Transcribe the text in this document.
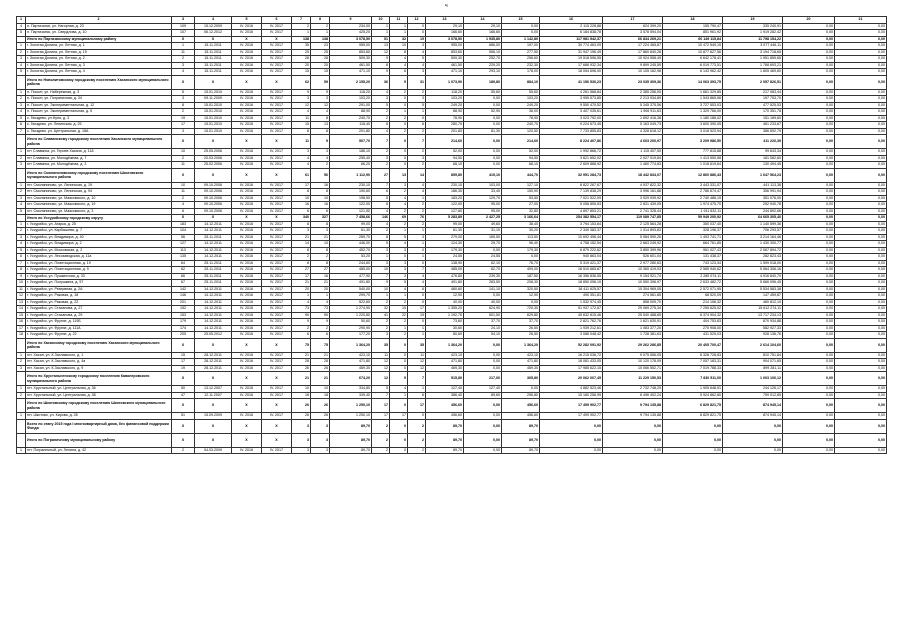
ч
1	2	3	4	5	6	7	8	9	10	11	12	13	14	15	16	17	18	19	20	21
4	п. Партизанск, ул. Нагорная, д. 23	109	15.12.2009	IV. 2016	IV. 2017	2	2	234,00	1	1	0	29,10	29,10	0,00	2 115 228,88	624 399,20	155 790,47	335 240,91	0,00	0,00
5	п. Партизанск, ул. Свердлова, д. 10	107	06.12.2012	IV. 2016	IV. 2017	1	1	425,20	1	1	0	166,60	166,60	0,00	6 184 838,78	3 578 594,04	851 961,92	1 919 282,42	0,00	0,00
	Итого по Партизанскому муниципальному району	X	X	X	X	138	138	3 078,50	51	32	19	3 078,50	1 935,80	1 142,80	117 981 542,37	66 834 269,21	60 149 115,84	11 798 154,22	0,00	0,00
1	г. Золотая Долина, ул. Летняя, д. 1	1	15.11.2011	IV. 2016	IV. 2017	35	23	955,00	13	10	3	955,00	686,00	197,00	30 774 463,09	17 224 465,87	10 472 549,15	3 077 446,11	0,00	0,00
2	г. Золотая Долина, ул. Летняя, д. 19	11	15.11.2011	IV. 2016	IV. 2017	25	25	853,60	12	8	4	853,60	556,10	277,50	31 947 196,49	17 860 840,28	10 877 627,56	3 194 718,65	0,00	0,00
3	г. Золотая Долина, ул. Летняя, д. 2	2	15.11.2011	IV. 2016	IV. 2017	28	28	509,30	9	4	5	509,30	252,70	256,60	19 518 596,55	10 924 558,49	6 642 178,41	1 951 859,65	0,00	0,00
4	г. Золотая Долина, ул. Летняя, д. 3	3	15.11.2011	IV. 2016	IV. 2017	20	20	461,50	8	4	4	461,50	229,20	232,30	17 686 932,34	9 899 245,59	6 019 773,51	1 768 693,21	0,00	0,00
5	г. Золотая Долина, ул. Летняя, д. 4	4	15.11.2011	IV. 2016	IV. 2017	15	15	471,10	9	6	3	471,10	293,10	178,00	18 054 696,00	10 105 162,98	6 143 962,42	1 805 469,60	0,00	0,00
	Итого по Новолитовскому городскому поселению Хасанского муниципального района	X	X	X	X	62	59	2 155,20	36	5	31	1 073,90	189,80	884,10	41 156 530,23	23 035 309,36	14 063 393,75	2 057 826,51	0,00	0,00
1	п. Посьет, ул. Набережная, д. 3	5	15.01.2010	IV. 2016	IV. 2017	9	9	118,20	4	2	2	118,20	55,60	55,60	4 261 568,84	2 385 256,05	1 661 329,85	217 083,44	0,00	0,00
2	п. Посьет, ул. Пограничная, д. 34	3	09.11.2009	IV. 2016	IV. 2017	3	3	103,20	3	0	3	103,20	0,00	103,20	3 955 573,85	2 213 934,89	1 543 865,56	197 753,70	0,00	0,00
3	п. Посьет, ул. Экспериментальная, д. 12	8	15.01.2010	IV. 2016	IV. 2017	12	12	291,00	5	0	5	249,20	0,00	249,20	9 550 470,52	5 345 375,56	3 727 553,03	477 525,53	0,00	0,00
4	п. Посьет, ул. Экспериментальная, д. 5	2	15.01.2010	IV. 2016	IV. 2017	4	4	88,90	2	1	1	88,90	52,90	36,00	3 407 035,61	1 906 911,63	1 329 766,00	170 351,78	0,00	0,00
5	с. Гвоздево, ул.Нуня, д. 3	19	15.01.2010	IV. 2016	IV. 2017	11	8	240,70	2	2	0	78,90	0,00	78,90	3 023 792,00	1 692 416,38	1 180 186,02	151 189,60	0,00	0,00
6	с. Гвоздево, ул. Ленинская, д. 25	17	15.01.2010	IV. 2016	IV. 2017	15	13	118,40	6	0	6	280,70	0,00	240,70	9 224 673,45	5 163 049,73	3 600 390,05	461 233,67	0,00	0,00
7	с. Гвоздево, ул. Центральная, д. 18А	3	15.01.2010	IV. 2016	IV. 2017	8	8	201,80	4	2	2	201,80	81,30	120,50	7 733 855,83	4 328 618,12	3 018 523,94	386 692,79	0,00	0,00
	Итого по Славянскому городскому поселению Хасанского муниципального района	X	X	X	X	11	9	507,70	7	0	7	214,60	0,00	214,60	8 224 407,86	4 603 200,97	3 209 986,50	411 220,39	0,00	0,00
1	пгт Славянка, ул. Героев Хасана, д. 118	10	25.05.2006	IV. 2016	IV. 2017	3	3	186,10	2	0	2	52,00	0,00	52,00	1 992 866,72	1 115 407,50	777 815,88	99 643,34	0,00	0,00
2	пгт Славянка, ул. Молодёжная, д. 7	2	20.03.2006	IV. 2016	IV. 2017	4	4	255,40	3	0	3	94,50	0,00	94,50	3 621 652,02	2 027 019,84	1 413 550,58	181 082,60	0,00	0,00
3	пгт Славянка, ул. Молодёжная, д. 3	11	25.02.2006	IV. 2016	IV. 2017	4	2	66,20	2	0	2	68,10	0,00	68,10	2 609 888,92	1 460 774,83	1 018 619,64	130 494,45	0,00	0,00
	Итого по Смоляниновскому городскому поселению Шкотовского муниципального района	X	X	X	X	61	56	1 112,90	27	13	14	859,80	415,10	444,70	32 951 284,73	18 442 834,07	12 860 886,43	1 647 564,23	0,00	0,00
1	пгт. Смоляниново, ул. Ленинская, д. 19	10	09.10.2006	IV. 2016	IV. 2017	17	16	230,10	7	3	4	230,10	103,00	127,10	8 822 267,67	4 937 822,32	3 443 331,07	441 113,38	0,00	0,00
2	пгт. Смоляниново, ул. Ленинская, д. 94	11	09.10.2006	IV. 2016	IV. 2017	8	8	190,60	6	2	4	186,30	33,40	150,90	7 139 838,29	3 996 161,88	2 786 674,47	356 991,94	0,00	0,00
3	пгт. Смоляниново, ул. Маяковского, д. 10	2	09.10.2006	IV. 2016	IV. 2017	10	10	198,50	5	4	1	183,20	129,70	53,50	7 021 522,09	3 929 939,92	2 740 486,19	351 076,00	0,00	0,00
4	пгт. Смоляниново, ул. Маяковского, д. 19	4	09.10.2006	IV. 2016	IV. 2017	16	16	122,00	6	4	2	122,00	95,00	27,00	5 058 855,53	2 831 439,05	1 974 475,70	252 940,78	0,00	0,00
5	пгт. Смоляниново, ул. Маяковского, д. 3	6	09.10.2006	IV. 2016	IV. 2017	6	6	121,50	4	2	2	127,80	95,00	32,80	4 897 853,21	2 741 328,44	1 911 632,11	244 892,66	0,00	0,00
	Итого по Уссурийскому городскому округу	X	X	X	X	340	327	7 458,66	146	69	76	5 283,89	2 427,25	3 166,64	254 382 554,17	119 089 747,85	59 949 200,92	64 665 305,40	0,00	0,00
1	г. Уссурийск, ул. Агарка, д. 25	183	14.12.2011	IV. 2016	IV. 2017	8	8	99,00	4	2	2	99,00	49,60	38,40	3 794 153,64	2 125 564,28	350 037,40	1 140 599,36	0,00	0,00
2	г. Уссурийск, ул. Карбышева, д. 7	104	14.12.2011	IV. 2016	IV. 2017	3	3	61,30	2	1	1	61,30	31,10	30,20	2 349 383,37	1 314 893,83	328 196,37	706 293,57	0,00	0,00
3	г. Уссурийск, ул. Владимира, д. 40	56	25.11.2011	IV. 2016	IV. 2017	21	21	289,70	8	5	3	279,00	165,50	113,50	10 692 496,44	5 984 590,26	1 493 741,71	3 214 164,46	0,00	0,00
4	г. Уссурийск, ул. Владимира, д. 2	127	14.12.2011	IV. 2016	IV. 2017	14	10	446,00	5	4	1	124,30	29,70	96,40	4 758 152,54	2 663 249,92	664 761,85	1 430 300,77	0,00	0,00
5	г. Уссурийск, ул. Московская, д. 2	113	14.12.2011	IV. 2016	IV. 2017	8	8	452,70	3	3	0	179,30	0,00	179,30	6 879 222,62	3 850 399,96	961 027,43	2 067 894,72	0,00	0,00
6	г. Уссурийск, ул. Лесозаводская, д. 11а	135	14.12.2011	IV. 2016	IV. 2017	2	2	53,20	1	0	1	24,55	24,55	0,00	940 863,04	526 601,04	131 438,37	282 823,43	0,00	0,00
7	г. Уссурийск, ул. Плантационная, д. 19	64	25.11.2011	IV. 2016	IV. 2017	8	8	244,60	3	3	0	138,90	62,10	76,70	5 319 421,37	2 977 280,63	743 123,34	1 599 018,00	0,00	0,00
8	г. Уссурийск, ул. Плантационная, д. 9	62	25.11.2011	IV. 2016	IV. 2017	27	27	485,00	10	3	7	485,00	62,70	409,00	18 510 665,87	10 360 419,03	2 585 940,62	5 564 306,16	0,00	0,00
9	г. Уссурийск, ул. Пушкинская, д. 33	66	25.11.2011	IV. 2016	IV. 2017	17	16	477,90	7	3	4	476,80	239,30	187,50	16 356 836,55	9 154 921,74	2 285 074,11	4 916 840,70	0,00	0,00
10	г. Уссурийск, ул. Полушкина, д. 57	67	25.11.2011	IV. 2016	IV. 2017	21	21	491,80	9	5	4	491,80	283,50	208,30	18 850 096,19	10 550 396,97	2 633 482,72	5 666 096,45	0,00	0,00
11	г. Уссурийск, ул. Резервная, д. 2А	142	14.12.2011	IV. 2016	IV. 2017	20	20	540,00	10	4	6	460,60	141,10	320,50	18 411 625,57	10 304 969,05	2 572 071,95	5 534 583,38	0,00	0,00
12	г. Уссурийск, ул. Раковая, д. 18	146	14.12.2011	IV. 2016	IV. 2017	1	1	299,70	1	1	0	12,90	0,00	12,90	490 351,81	274 561,85	68 520,09	147 459,87	0,00	0,00
13	г. Уссурийск, ул. Раковая, д. 22	201	14.12.2011	IV. 2016	IV. 2017	4	4	522,60	2	2	0	40,00	40,00	0,00	1 532 974,45	858 009,70	214 156,32	460 812,10	0,00	0,00
14	г. Уссурийск, ул. Стаханова, д. 27	152	14.12.2011	IV. 2016	IV. 2017	73	73	1 274,90	32	15	17	1 355,20	624,90	720,30	51 937 172,67	29 069 275,34	7 255 625,02	15 612 274,11	0,00	0,00
15	г. Уссурийск, ул. Стаханова, д. 29	153	14.12.2011	IV. 2016	IV. 2017	90	90	1 220,80	41	22	19	1 192,70	501,50	629,80	45 632 815,46	25 540 488,65	6 374 904,32	13 717 234,13	0,00	0,00
16	г. Уссурийск, ул. Фрунзе, д. 119Б	179	14.12.2011	IV. 2016	IV. 2017	9	9	50,60	2	2	0	73,60	37,70	37,70	2 821 762,76	1 621 630,91	404 753,83	870 934,88	0,00	0,00
17	г. Уссурийск, ул. Фрунзе, д. 111А	174	14.12.2011	IV. 2016	IV. 2017	2	2	290,90	2	1	1	30,60	24,10	26,50	1 939 212,61	1 083 377,20	270 908,00	582 927,33	0,00	0,00
18	г. Уссурийск, ул. Фрунзе, д. 22	205	25.05.2012	IV. 2016	IV. 2017	6	6	177,20	3	2	1	80,60	54,10	26,50	3 088 048,42	1 728 381,63	431 525,03	928 136,76	0,00	0,00
	Итого по Хасанскому городскому поселению Хасанского муниципального района	X	X	X	X	75	75	1 364,20	35	0	35	1 364,20	0,00	1 364,20	52 282 091,92	29 262 286,85	20 405 700,47	2 614 104,60	0,00	0,00
1	пгт. Хасан, ул. К.Заславского, д. 1	15	28.12.2011	IV. 2016	IV. 2017	21	21	423,10	11	0	11	423,10	0,00	423,10	16 215 036,72	9 075 556,05	6 328 728,83	810 751,84	0,00	0,00
2	пгт. Хасан, ул. К.Заславского, д. 4а	17	28.12.2011	IV. 2016	IV. 2017	28	28	471,80	12	0	12	471,80	0,00	471,80	18 081 433,05	10 120 178,09	7 057 183,31	904 071,65	0,00	0,00
3	пгт. Хасан, ул. К.Заславского, д. 9	19	28.12.2011	IV. 2016	IV. 2017	26	26	469,30	12	0	12	469,30	0,00	469,30	17 985 622,15	10 066 552,71	7 019 788,33	899 281,11	0,00	0,00
	Итого по Хрустальненскому городскому поселению Кавалеровского муниципального района	X	X	X	X	21	21	674,20	12	5	7	515,80	217,00	305,80	20 062 007,45	11 229 150,53	7 830 511,00	1 003 100,12	0,00	0,00
1	пгт. Хрустальный, ул. Центральная, д. 36	50	13.12.2007	IV. 2016	IV. 2017	10	10	334,80	5	4	1	127,40	127,40	0,00	4 882 523,46	2 732 748,29	1 905 648,91	244 126,17	0,00	0,00
2	пгт. Хрустальный, ул. Центральная, д. 38	47	12.11.2007	IV. 2016	IV. 2017	18	18	339,40	7	1	6	386,40	89,60	296,80	15 180 256,99	8 496 402,24	5 924 862,80	759 012,85	0,00	0,00
	Итого по Шкотовскому городскому поселению Шкотовского муниципального района	X	X	X	X	26	26	1 250,10	17	0	17	456,60	0,00	456,60	17 499 902,77	9 794 135,88	6 829 821,75	874 945,14	0,00	0,00
1	пгт. Шкотово, ул. Кирова, д. 28	51	15.09.2009	IV. 2016	IV. 2017	26	26	1 250,10	17	17	0	456,60	0,00	456,60	17 499 902,77	9 794 135,88	6 829 821,75	874 945,14	0,00	0,00
	Всего по этапу 2015 года І многоквартирный дома, без финансовой поддержки Фонда	X	X	X	X	3	3	89,70	2	0	2	89,70	0,00	89,70	0,00	0,00	0,00	0,00	0,00	0,00
	Итого по Пограничному муниципальному району	X	X	X	X	3	3	89,70	2	0	2	89,70	0,00	89,70	0,00	0,00	0,00	0,00	0,00	0,00
1	пгт. Пограничный, ул. Ленина, д. 42	2	04.03.2009	IV. 2016	IV. 2017	3	3	89,70	2	0	2	89,70	0,00	89,70	0,00	0,00	0,00	0,00	0,00	0,00
